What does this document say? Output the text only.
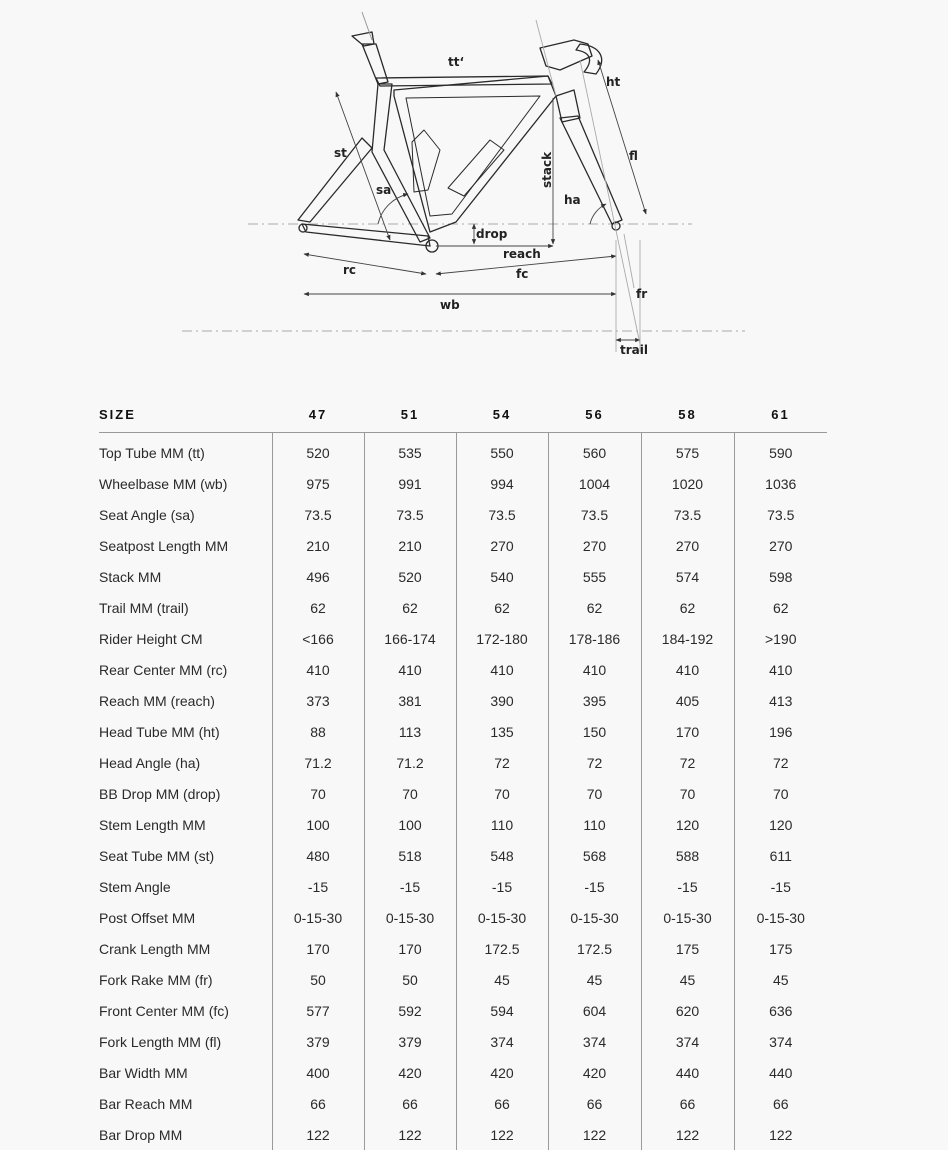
tt‘
st
sa
ht
fl
stack
ha
drop
reach
rc	fc
wb
fr
trail
SIZE	47	51	54	56	58	61

Top Tube MM (tt)	520	535	550	560	575	590
Wheelbase MM (wb)	975	991	994	1004	1020	1036
Seat Angle (sa)	73.5	73.5	73.5	73.5	73.5	73.5
Seatpost Length MM	210	210	270	270	270	270
Stack MM	496	520	540	555	574	598
Trail MM (trail)	62	62	62	62	62	62
Rider Height CM	<166	166-174	172-180	178-186	184-192	>190
Rear Center MM (rc)	410	410	410	410	410	410
Reach MM (reach)	373	381	390	395	405	413
Head Tube MM (ht)	88	113	135	150	170	196
Head Angle (ha)	71.2	71.2	72	72	72	72
BB Drop MM (drop)	70	70	70	70	70	70
Stem Length MM	100	100	110	110	120	120
Seat Tube MM (st)	480	518	548	568	588	611
Stem Angle	-15	-15	-15	-15	-15	-15
Post Offset MM	0-15-30	0-15-30	0-15-30	0-15-30	0-15-30	0-15-30
Crank Length MM	170	170	172.5	172.5	175	175
Fork Rake MM (fr)	50	50	45	45	45	45
Front Center MM (fc)	577	592	594	604	620	636
Fork Length MM (fl)	379	379	374	374	374	374
Bar Width MM	400	420	420	420	440	440
Bar Reach MM	66	66	66	66	66	66
Bar Drop MM	122	122	122	122	122	122
